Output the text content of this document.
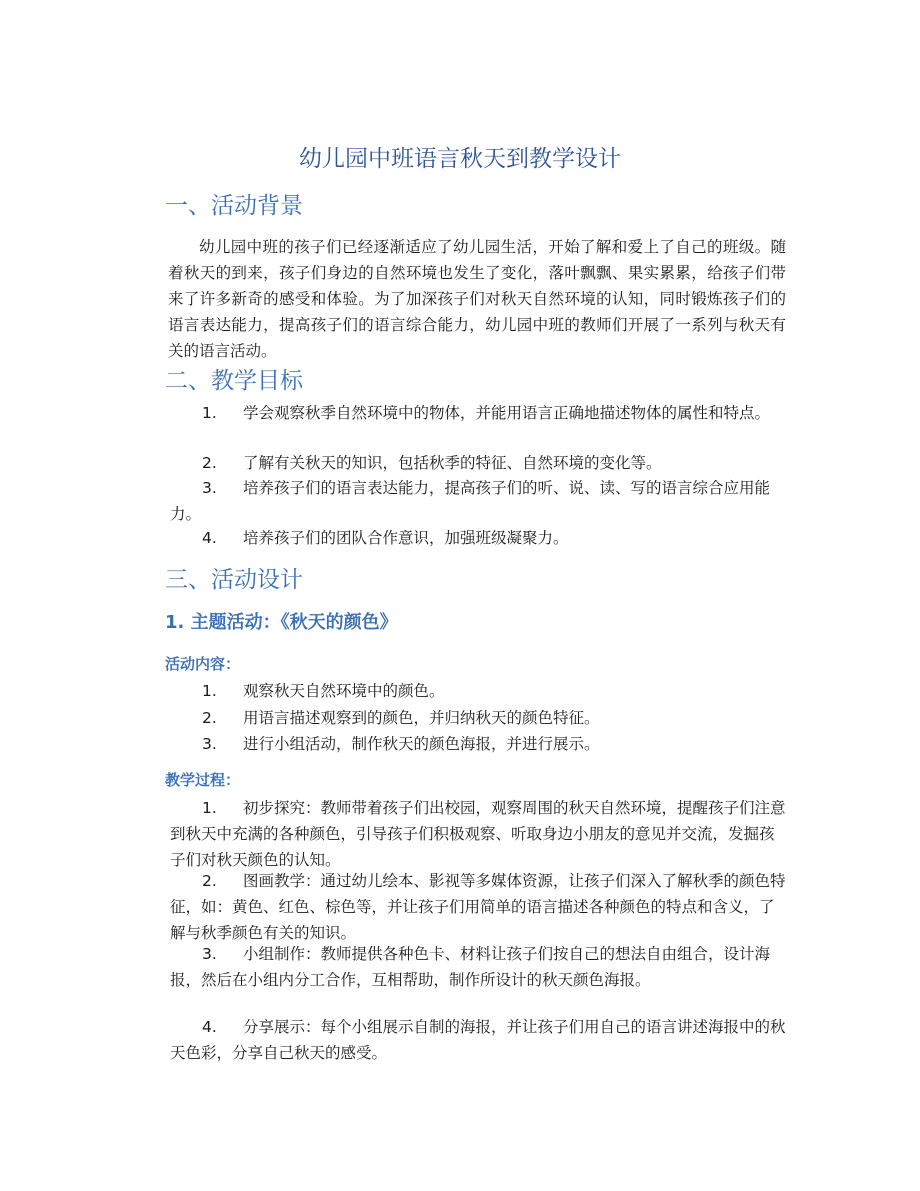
幼儿园中班语言秋天到教学设计
一、活动背景

幼儿园中班的孩子们已经逐渐适应了幼儿园生活，开始了解和爱上了自己的班级。随着秋天的到来，孩子们身边的自然环境也发生了变化，落叶飘飘、果实累累，给孩子们带来了许多新奇的感受和体验。为了加深孩子们对秋天自然环境的认知，同时锻炼孩子们的语言表达能力，提高孩子们的语言综合能力，幼儿园中班的教师们开展了一系列与秋天有关的语言活动。

二、教学目标

1. 学会观察秋季自然环境中的物体，并能用语言正确地描述物体的属性和特点。

2. 了解有关秋天的知识，包括秋季的特征、自然环境的变化等。

3. 培养孩子们的语言表达能力，提高孩子们的听、说、读、写的语言综合应用能力。

4. 培养孩子们的团队合作意识，加强班级凝聚力。

三、活动设计
1. 主题活动：《秋天的颜色》
活动内容：

1. 观察秋天自然环境中的颜色。

2. 用语言描述观察到的颜色，并归纳秋天的颜色特征。

3. 进行小组活动，制作秋天的颜色海报，并进行展示。

教学过程：

1. 初步探究：教师带着孩子们出校园，观察周围的秋天自然环境，提醒孩子们注意到秋天中充满的各种颜色，引导孩子们积极观察、听取身边小朋友的意见并交流，发掘孩子们对秋天颜色的认知。

2. 图画教学：通过幼儿绘本、影视等多媒体资源，让孩子们深入了解秋季的颜色特征，如：黄色、红色、棕色等，并让孩子们用简单的语言描述各种颜色的特点和含义，了解与秋季颜色有关的知识。

3. 小组制作：教师提供各种色卡、材料让孩子们按自己的想法自由组合，设计海报，然后在小组内分工合作，互相帮助，制作所设计的秋天颜色海报。

4. 分享展示：每个小组展示自制的海报，并让孩子们用自己的语言讲述海报中的秋天色彩，分享自己秋天的感受。
